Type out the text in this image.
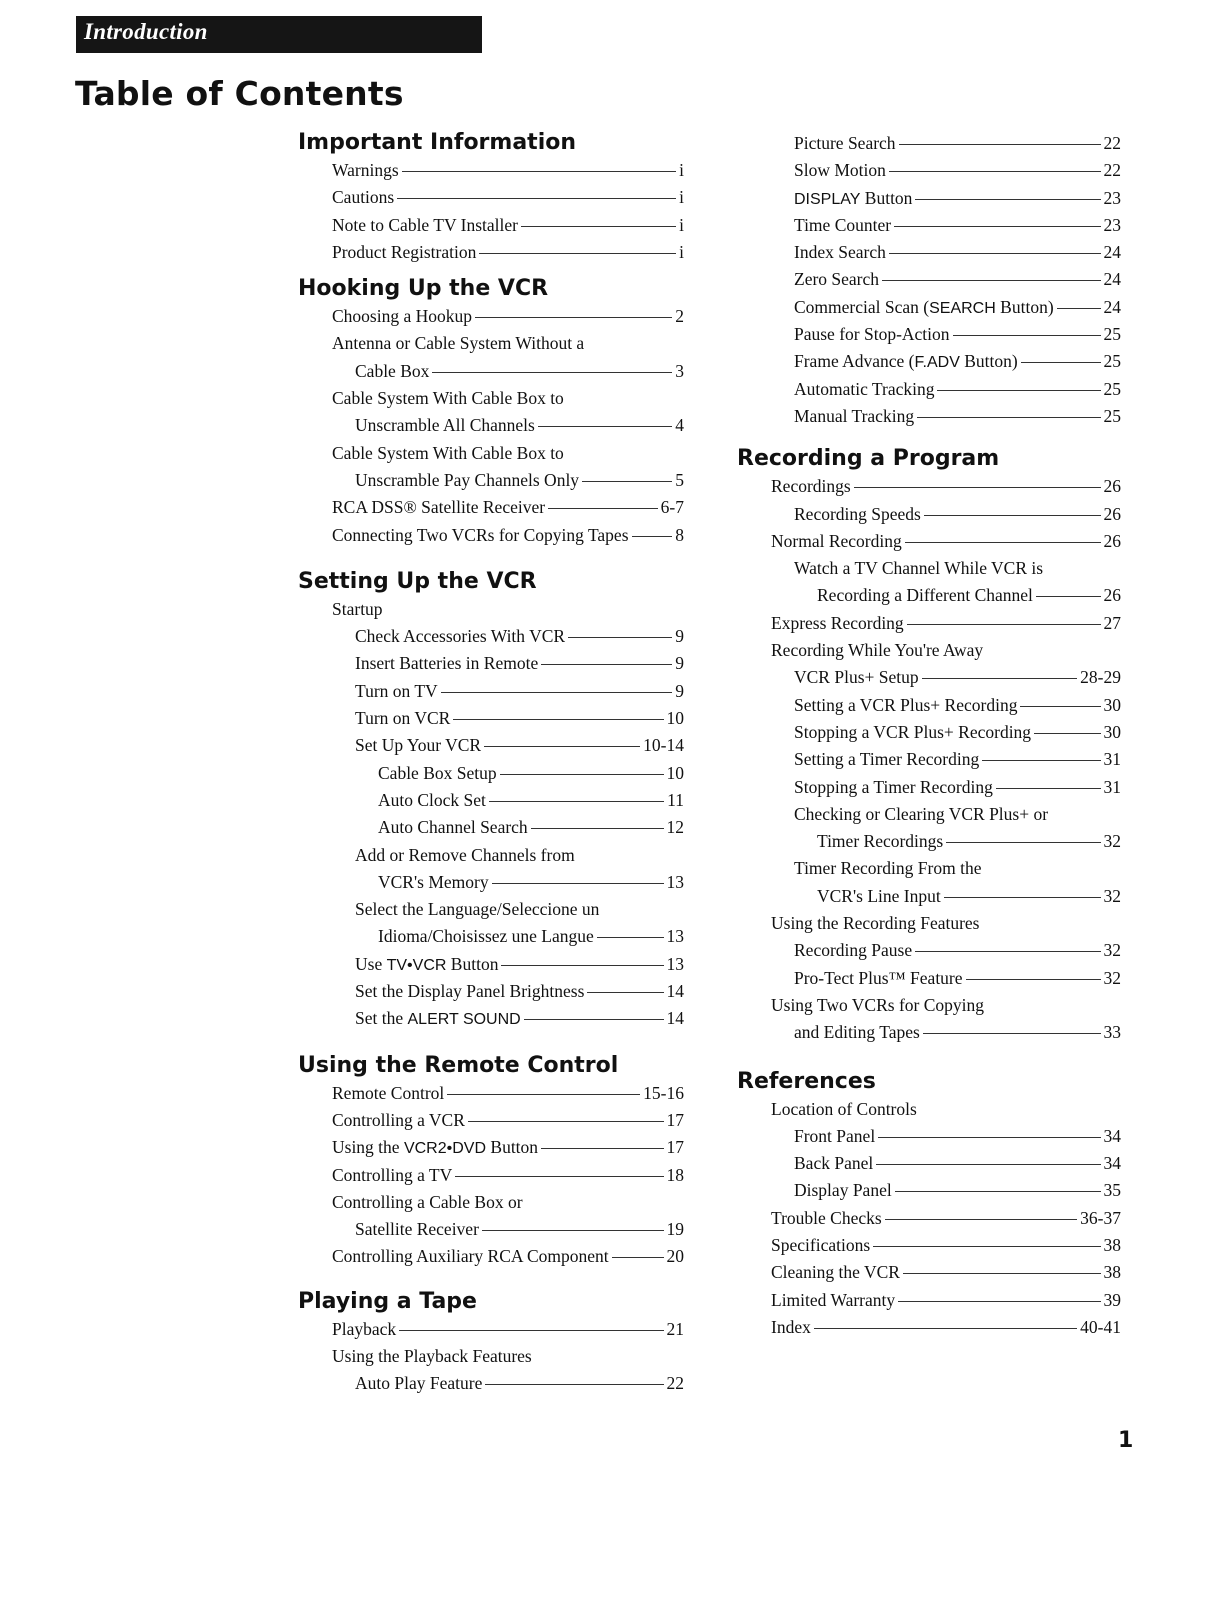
Introduction
Table of Contents
Important Information
Warnings	i
Cautions	i
Note to Cable TV Installer	i
Product Registration	i
Hooking Up the VCR
Choosing a Hookup	2
Antenna or Cable System Without a
Cable Box	3
Cable System With Cable Box to
Unscramble All Channels	4
Cable System With Cable Box to
Unscramble Pay Channels Only	5
RCA DSS® Satellite Receiver	6-7
Connecting Two VCRs for Copying Tapes	8
Setting Up the VCR
Startup
Check Accessories With VCR	9
Insert Batteries in Remote	9
Turn on TV	9
Turn on VCR	10
Set Up Your VCR	10-14
Cable Box Setup	10
Auto Clock Set	11
Auto Channel Search	12
Add or Remove Channels from
VCR's Memory	13
Select the Language/Seleccione un
Idioma/Choisissez une Langue	13
Use TV•VCR Button	13
Set the Display Panel Brightness	14
Set the ALERT SOUND	14
Using the Remote Control
Remote Control	15-16
Controlling a VCR	17
Using the VCR2•DVD Button	17
Controlling a TV	18
Controlling a Cable Box or
Satellite Receiver	19
Controlling Auxiliary RCA Component	20
Playing a Tape
Playback	21
Using the Playback Features
Auto Play Feature	22
Picture Search	22
Slow Motion	22
DISPLAY Button	23
Time Counter	23
Index Search	24
Zero Search	24
Commercial Scan (SEARCH Button)	24
Pause for Stop-Action	25
Frame Advance (F.ADV Button)	25
Automatic Tracking	25
Manual Tracking	25
Recording a Program
Recordings	26
Recording Speeds	26
Normal Recording	26
Watch a TV Channel While VCR is
Recording a Different Channel	26
Express Recording	27
Recording While You're Away
VCR Plus+ Setup	28-29
Setting a VCR Plus+ Recording	30
Stopping a VCR Plus+ Recording	30
Setting a Timer Recording	31
Stopping a Timer Recording	31
Checking or Clearing VCR Plus+ or
Timer Recordings	32
Timer Recording From the
VCR's Line Input	32
Using the Recording Features
Recording Pause	32
Pro-Tect Plus™ Feature	32
Using Two VCRs for Copying
and Editing Tapes	33
References
Location of Controls
Front Panel	34
Back Panel	34
Display Panel	35
Trouble Checks	36-37
Specifications	38
Cleaning the VCR	38
Limited Warranty	39
Index	40-41
1
